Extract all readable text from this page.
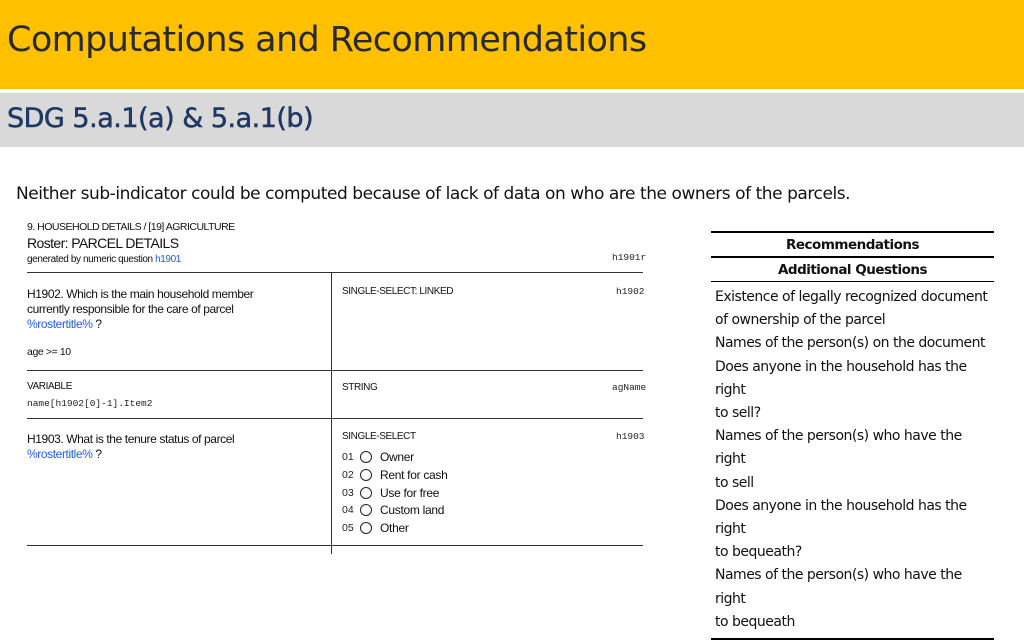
Computations and Recommendations
SDG 5.a.1(a) & 5.a.1(b)
Neither sub-indicator could be computed because of lack of data on who are the owners of the parcels.
9. HOUSEHOLD DETAILS / [19] AGRICULTURE
Roster: PARCEL DETAILS
generated by numeric question h1901	h1901r
H1902. Which is the main household member
currently responsible for the care of parcel
%rostertitle% ?
age >= 10
SINGLE-SELECT: LINKED	h1902
VARIABLE
name[h1902[0]-1].Item2
STRING	agName
H1903. What is the tenure status of parcel
%rostertitle% ?
SINGLE-SELECT	h1903
01 Owner
02 Rent for cash
03 Use for free
04 Custom land
05 Other
Recommendations
Additional Questions
Existence of legally recognized document
of ownership of the parcel
Names of the person(s) on the document
Does anyone in the household has the right
to sell?
Names of the person(s) who have the right
to sell
Does anyone in the household has the right
to bequeath?
Names of the person(s) who have the right
to bequeath
